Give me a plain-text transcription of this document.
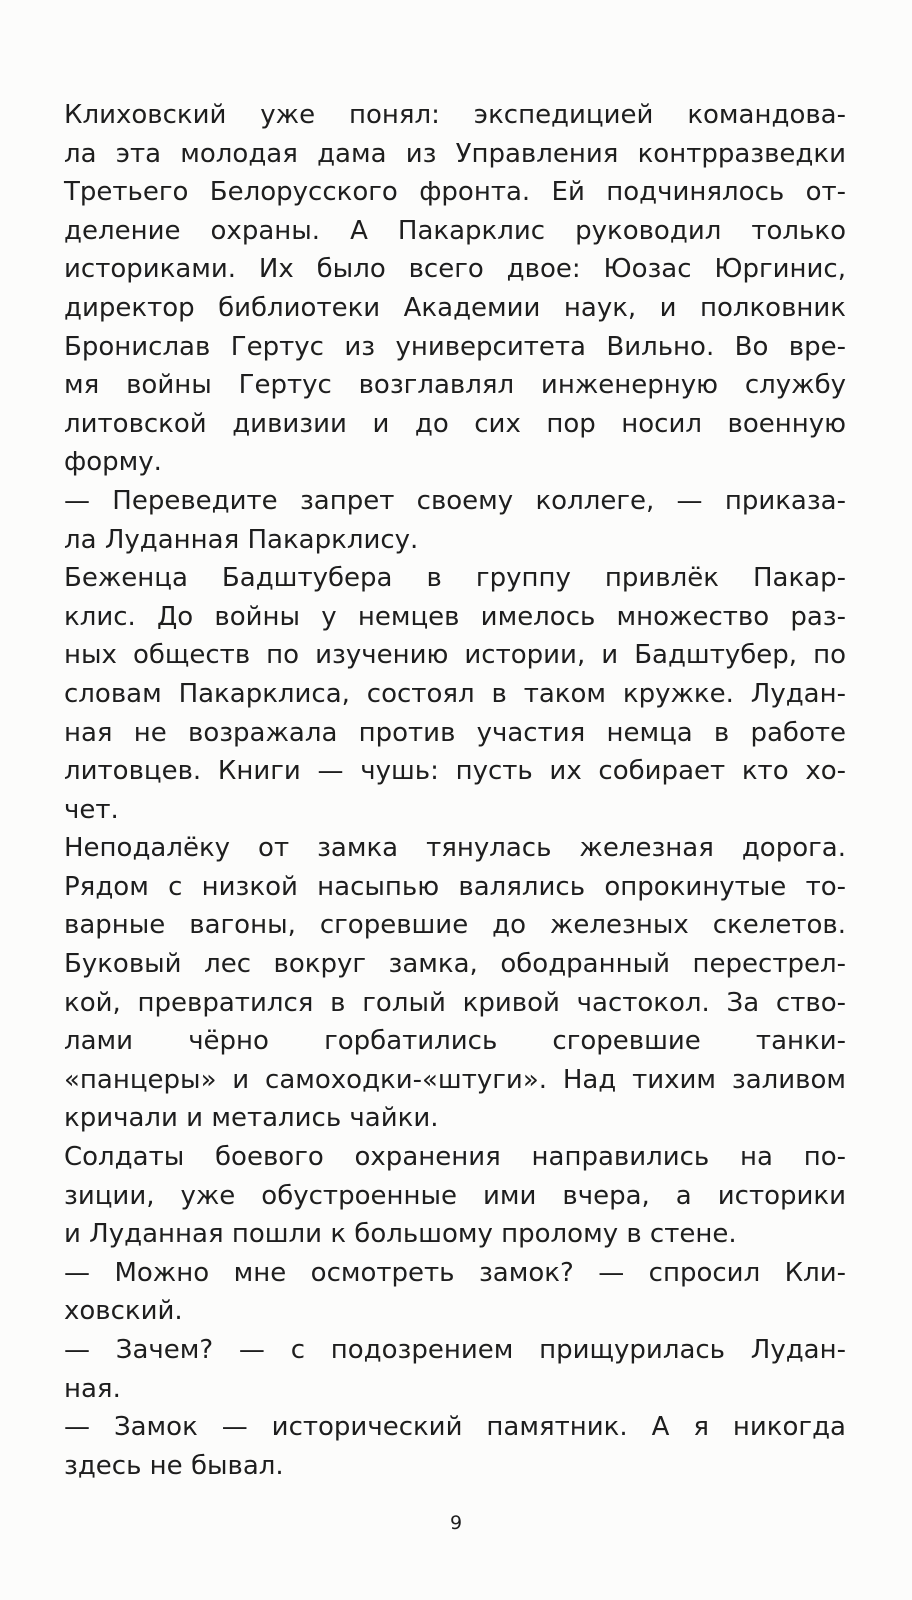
Клиховский уже понял: экспедицией командова-
ла эта молодая дама из Управления контрразведки
Третьего Белорусского фронта. Ей подчинялось от-
деление охраны. А Пакарклис руководил только
историками. Их было всего двое: Юозас Юргинис,
директор библиотеки Академии наук, и полковник
Бронислав Гертус из университета Вильно. Во вре-
мя войны Гертус возглавлял инженерную службу
литовской дивизии и до сих пор носил военную
форму.
— Переведите запрет своему коллеге, — приказа-
ла Луданная Пакарклису.
Беженца Бадштубера в группу привлёк Пакар-
клис. До войны у немцев имелось множество раз-
ных обществ по изучению истории, и Бадштубер, по
словам Пакарклиса, состоял в таком кружке. Лудан-
ная не возражала против участия немца в работе
литовцев. Книги — чушь: пусть их собирает кто хо-
чет.
Неподалёку от замка тянулась железная дорога.
Рядом с низкой насыпью валялись опрокинутые то-
варные вагоны, сгоревшие до железных скелетов.
Буковый лес вокруг замка, ободранный перестрел-
кой, превратился в голый кривой частокол. За ство-
лами чёрно горбатились сгоревшие танки-
«панцеры» и самоходки-«штуги». Над тихим заливом
кричали и метались чайки.
Солдаты боевого охранения направились на по-
зиции, уже обустроенные ими вчера, а историки
и Луданная пошли к большому пролому в стене.
— Можно мне осмотреть замок? — спросил Кли-
ховский.
— Зачем? — с подозрением прищурилась Лудан-
ная.
— Замок — исторический памятник. А я никогда
здесь не бывал.
9
